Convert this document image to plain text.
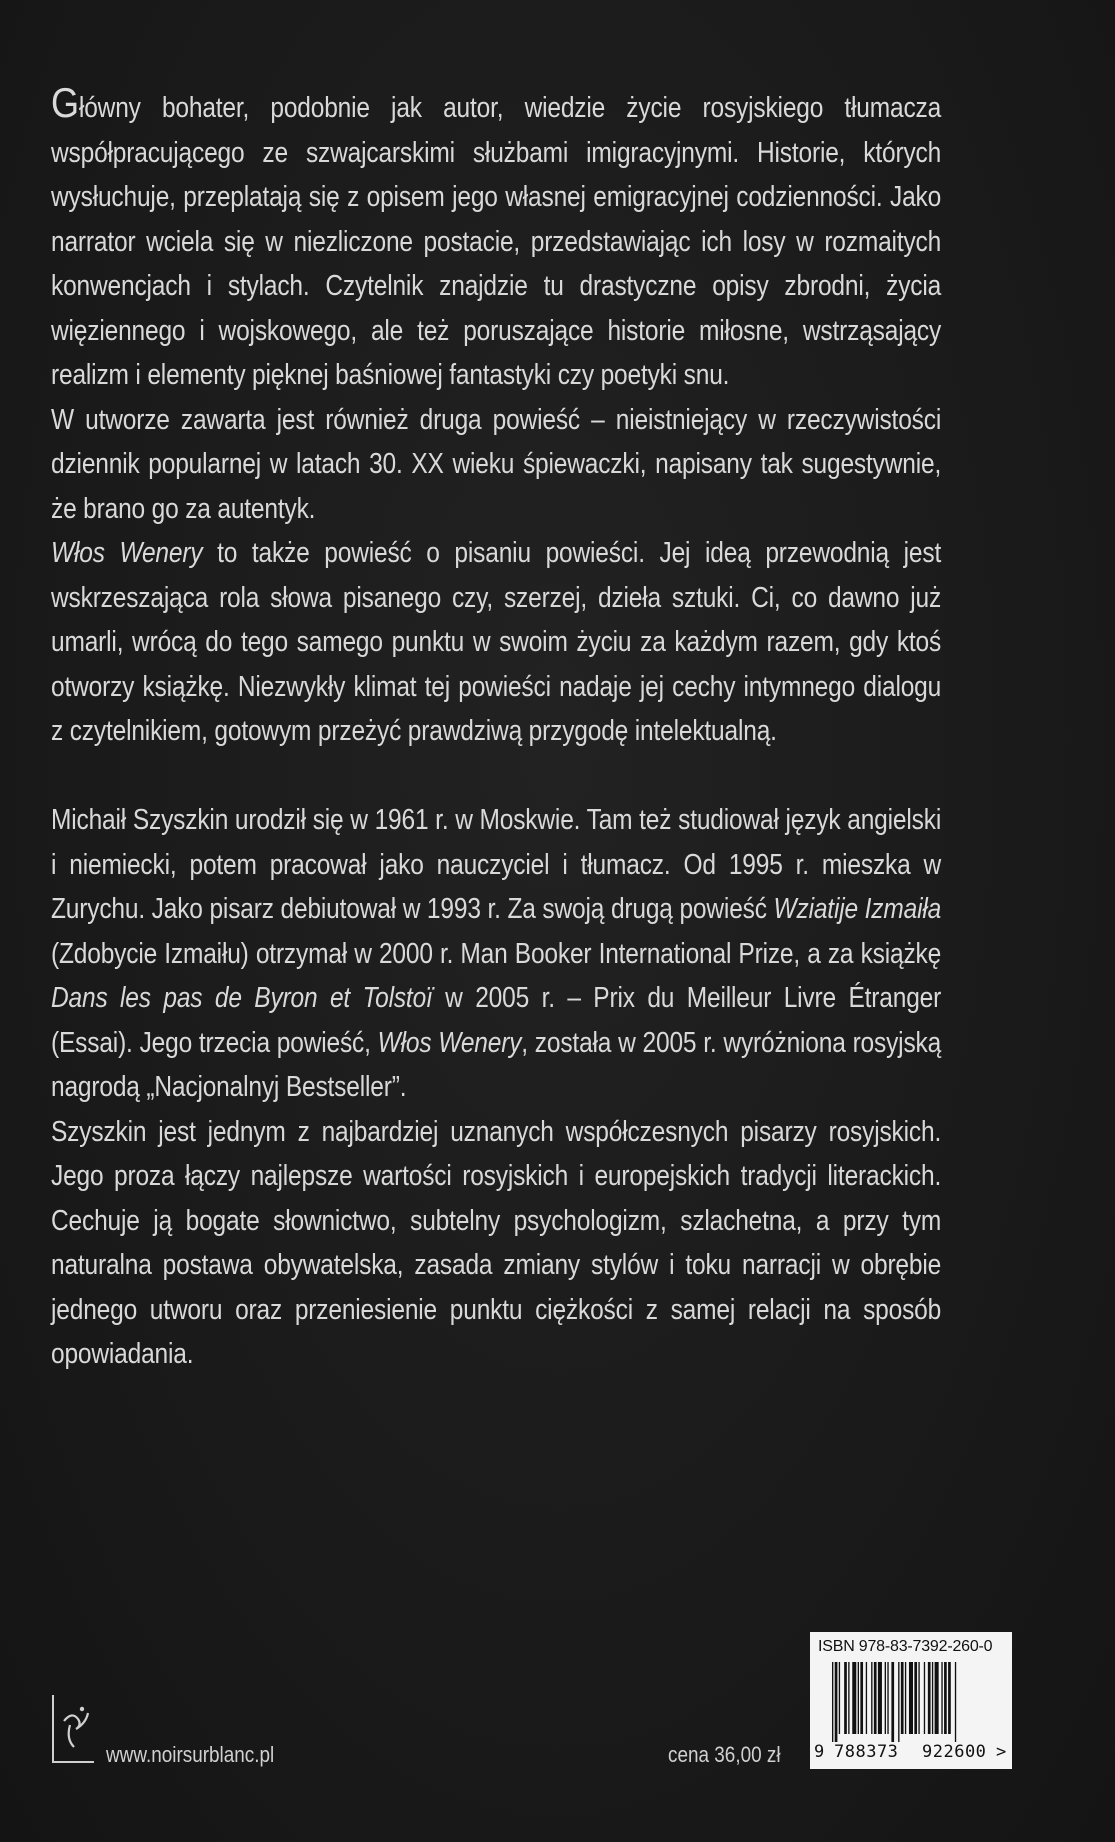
Główny bohater, podobnie jak autor, wiedzie życie rosyjskiego tłumacza współpracującego ze szwajcarskimi służbami imigracyjnymi. Historie, których wysłuchuje, przeplatają się z opisem jego własnej emigracyjnej codzienności. Jako narrator wciela się w niezliczone postacie, przedstawiając ich losy w rozmaitych konwencjach i stylach. Czytelnik znajdzie tu drastyczne opisy zbrodni, życia więziennego i wojskowego, ale też poruszające historie miłosne, wstrząsający realizm i elementy pięknej baśniowej fantastyki czy poetyki snu.

W utworze zawarta jest również druga powieść – nieistniejący w rzeczywistości dziennik popularnej w latach 30. XX wieku śpiewaczki, napisany tak sugestywnie, że brano go za autentyk.

Włos Wenery to także powieść o pisaniu powieści. Jej ideą przewodnią jest wskrzeszająca rola słowa pisanego czy, szerzej, dzieła sztuki. Ci, co dawno już umarli, wrócą do tego samego punktu w swoim życiu za każdym razem, gdy ktoś otworzy książkę. Niezwykły klimat tej powieści nadaje jej cechy intymnego dialogu z czytelnikiem, gotowym przeżyć prawdziwą przygodę intelektualną.

Michaił Szyszkin urodził się w 1961 r. w Moskwie. Tam też studiował język angielski i niemiecki, potem pracował jako nauczyciel i tłumacz. Od 1995 r. mieszka w Zurychu. Jako pisarz debiutował w 1993 r. Za swoją drugą powieść Wziatije Izmaiła (Zdobycie Izmaiłu) otrzymał w 2000 r. Man Booker International Prize, a za książkę Dans les pas de Byron et Tolstoï w 2005 r. – Prix du Meilleur Livre Étranger (Essai). Jego trzecia powieść, Włos Wenery, została w 2005 r. wyróżniona rosyjską nagrodą „Nacjonalnyj Bestseller”.

Szyszkin jest jednym z najbardziej uznanych współczesnych pisarzy rosyjskich. Jego proza łączy najlepsze wartości rosyjskich i europejskich tradycji literackich. Cechuje ją bogate słownictwo, subtelny psychologizm, szlachetna, a przy tym naturalna postawa obywatelska, zasada zmiany stylów i toku narracji w obrębie jednego utworu oraz przeniesienie punktu ciężkości z samej relacji na sposób opowiadania.

www.noirsurblanc.pl	cena 36,00 zł
ISBN 978-83-7392-260-0
9 788373 922600 >
